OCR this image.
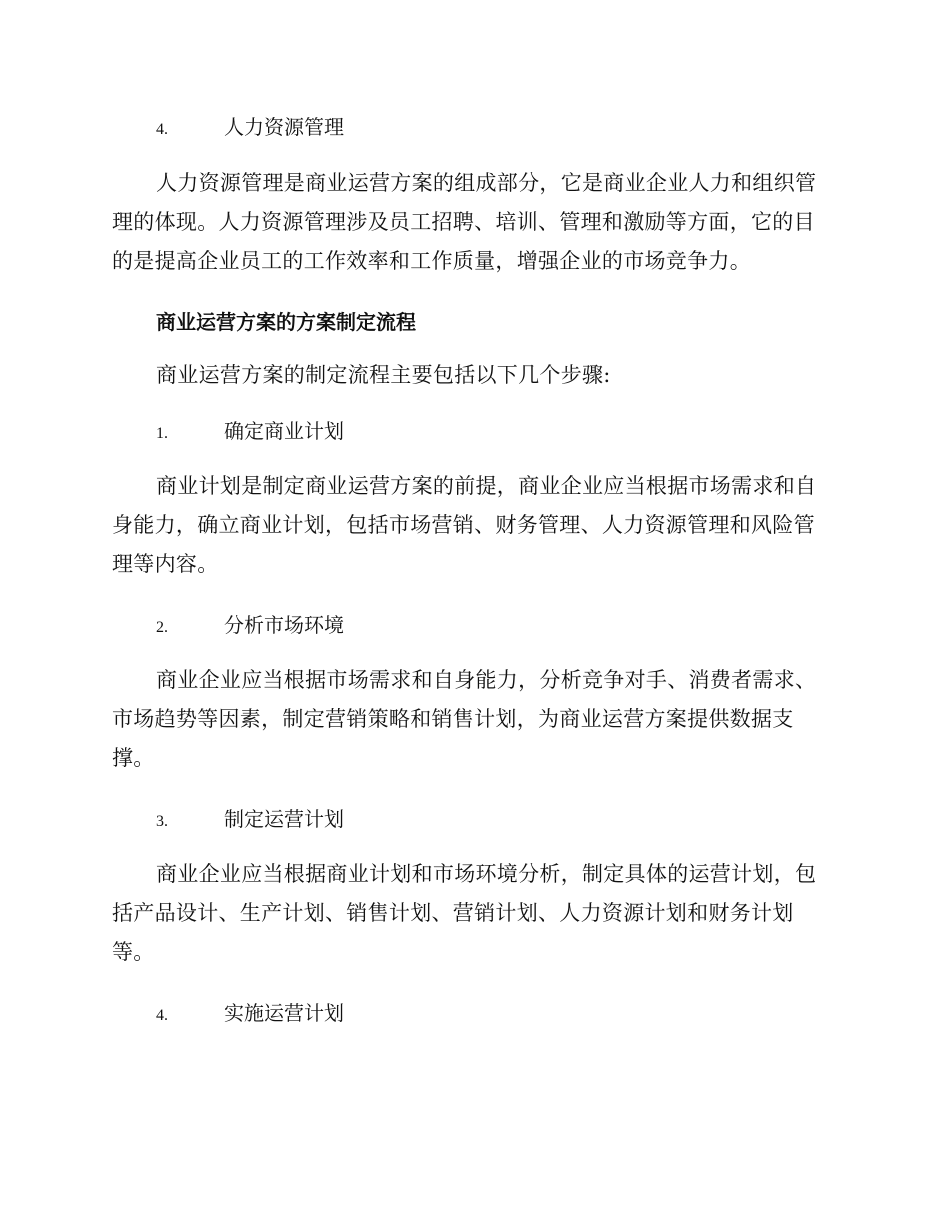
4.	人力资源管理

人力资源管理是商业运营方案的组成部分，它是商业企业人力和组织管理的体现。人力资源管理涉及员工招聘、培训、管理和激励等方面，它的目的是提高企业员工的工作效率和工作质量，增强企业的市场竞争力。

商业运营方案的方案制定流程

商业运营方案的制定流程主要包括以下几个步骤:

1.	确定商业计划

商业计划是制定商业运营方案的前提，商业企业应当根据市场需求和自身能力，确立商业计划，包括市场营销、财务管理、人力资源管理和风险管理等内容。

2.	分析市场环境

商业企业应当根据市场需求和自身能力，分析竞争对手、消费者需求、市场趋势等因素，制定营销策略和销售计划，为商业运营方案提供数据支撑。

3.	制定运营计划

商业企业应当根据商业计划和市场环境分析，制定具体的运营计划，包括产品设计、生产计划、销售计划、营销计划、人力资源计划和财务计划等。

4.	实施运营计划
